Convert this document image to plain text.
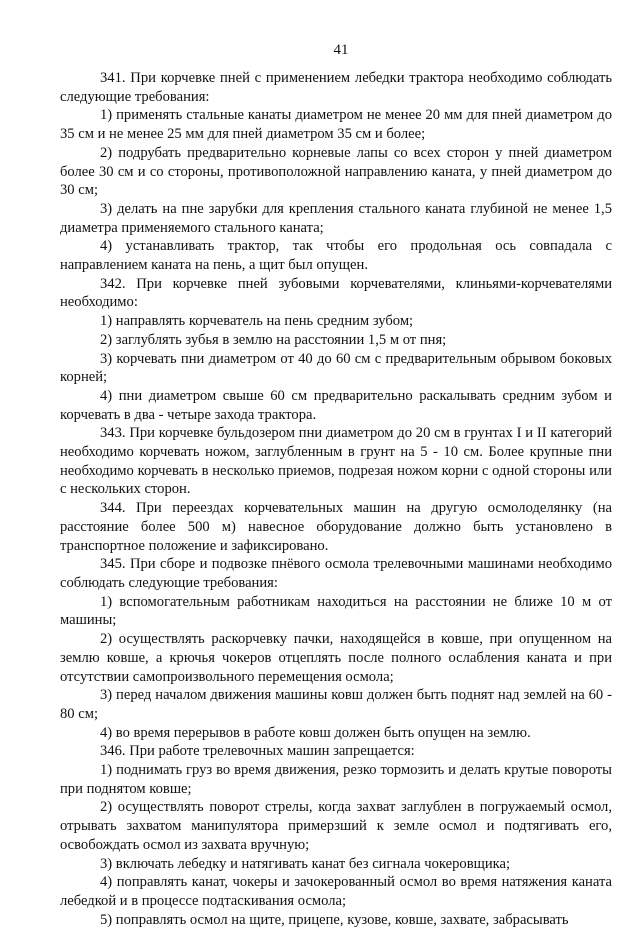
41

341. При корчевке пней с применением лебедки трактора необходимо соблюдать следующие требования:

1) применять стальные канаты диаметром не менее 20 мм для пней диаметром до 35 см и не менее 25 мм для пней диаметром 35 см и более;

2) подрубать предварительно корневые лапы со всех сторон у пней диаметром более 30 см и со стороны, противоположной направлению каната, у пней диаметром до 30 см;

3) делать на пне зарубки для крепления стального каната глубиной не менее 1,5 диаметра применяемого стального каната;

4) устанавливать трактор, так чтобы его продольная ось совпадала с направлением каната на пень, а щит был опущен.

342. При корчевке пней зубовыми корчевателями, клиньями-корчевателями необходимо:

1) направлять корчеватель на пень средним зубом;

2) заглублять зубья в землю на расстоянии 1,5 м от пня;

3) корчевать пни диаметром от 40 до 60 см с предварительным обрывом боковых корней;

4) пни диаметром свыше 60 см предварительно раскалывать средним зубом и корчевать в два - четыре захода трактора.

343. При корчевке бульдозером пни диаметром до 20 см в грунтах I и II категорий необходимо корчевать ножом, заглубленным в грунт на 5 - 10 см. Более крупные пни необходимо корчевать в несколько приемов, подрезая ножом корни с одной стороны или с нескольких сторон.

344. При переездах корчевательных машин на другую осмолоделянку (на расстояние более 500 м) навесное оборудование должно быть установлено в транспортное положение и зафиксировано.

345. При сборе и подвозке пнёвого осмола трелевочными машинами необходимо соблюдать следующие требования:

1) вспомогательным работникам находиться на расстоянии не ближе 10 м от машины;

2) осуществлять раскорчевку пачки, находящейся в ковше, при опущенном на землю ковше, а крючья чокеров отцеплять после полного ослабления каната и при отсутствии самопроизвольного перемещения осмола;

3) перед началом движения машины ковш должен быть поднят над землей на 60 - 80 см;

4) во время перерывов в работе ковш должен быть опущен на землю.

346. При работе трелевочных машин запрещается:

1) поднимать груз во время движения, резко тормозить и делать крутые повороты при поднятом ковше;

2) осуществлять поворот стрелы, когда захват заглублен в погружаемый осмол, отрывать захватом манипулятора примерзший к земле осмол и подтягивать его, освобождать осмол из захвата вручную;

3) включать лебедку и натягивать канат без сигнала чокеровщика;

4) поправлять канат, чокеры и зачокерованный осмол во время натяжения каната лебедкой и в процессе подтаскивания осмола;

5) поправлять осмол на щите, прицепе, кузове, ковше, захвате, забрасывать
